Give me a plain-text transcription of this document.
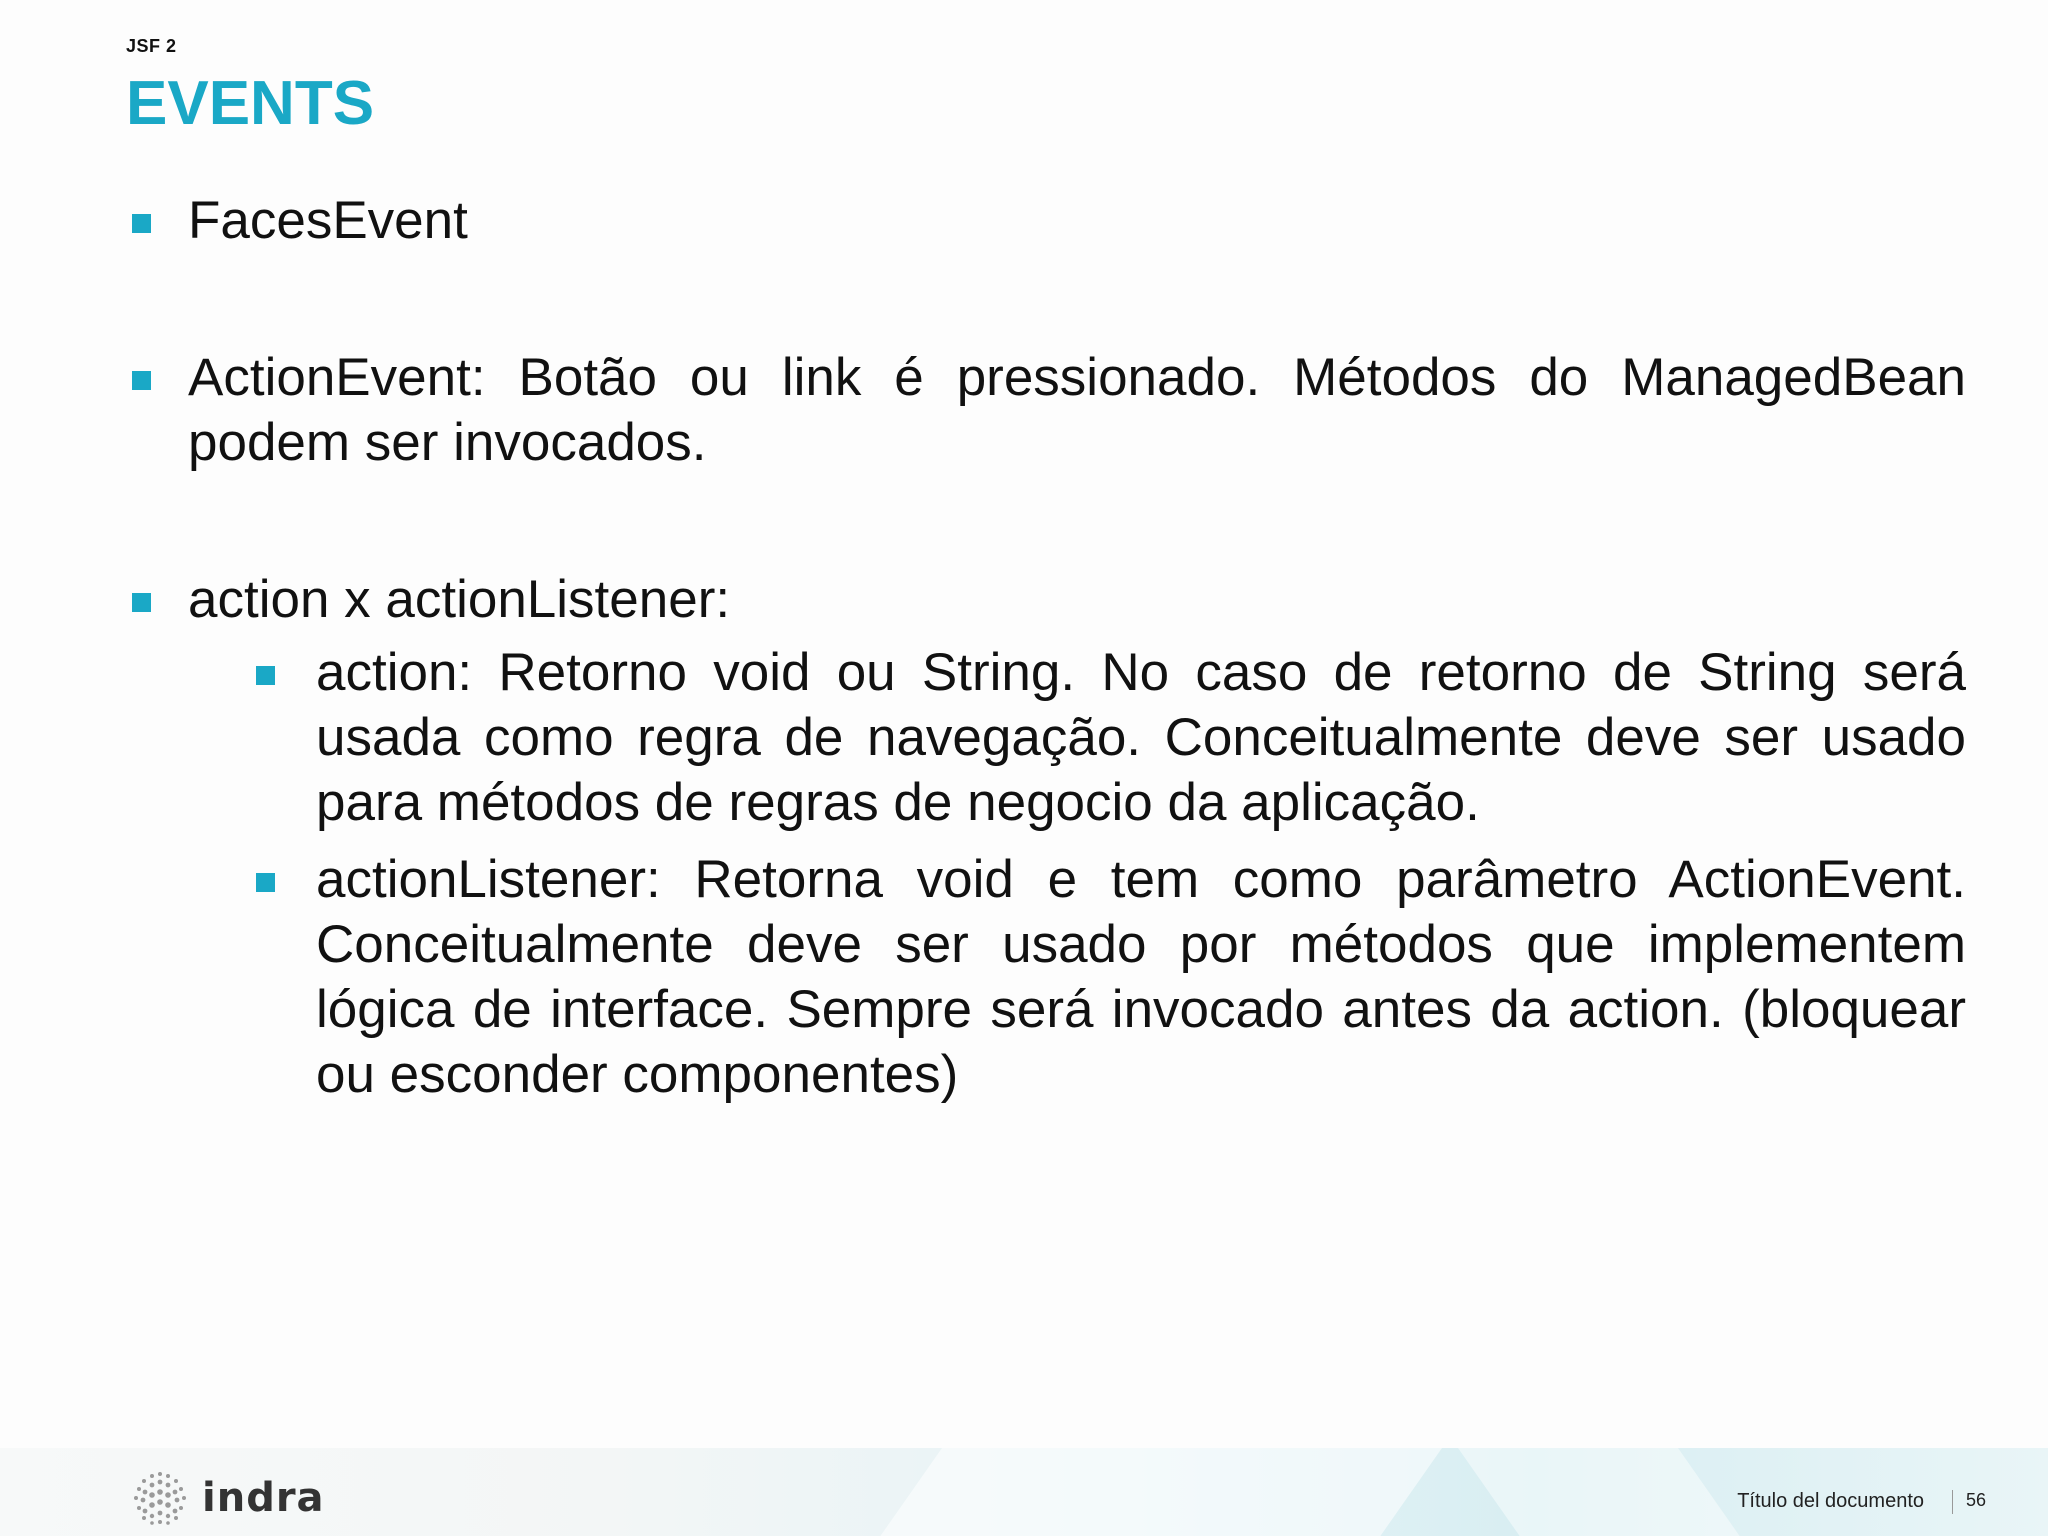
JSF 2
EVENTS
FacesEvent
ActionEvent: Botão ou link é pressionado. Métodos do ManagedBean podem ser invocados.
action x actionListener:
action: Retorno void ou String. No caso de retorno de String será usada como regra de navegação. Conceitualmente deve ser usado para métodos de regras de negocio da aplicação.
actionListener: Retorna void e tem como parâmetro ActionEvent. Conceitualmente deve ser usado por métodos que implementem lógica de interface. Sempre será invocado antes da action. (bloquear ou esconder componentes)
indra	Título del documento 56
